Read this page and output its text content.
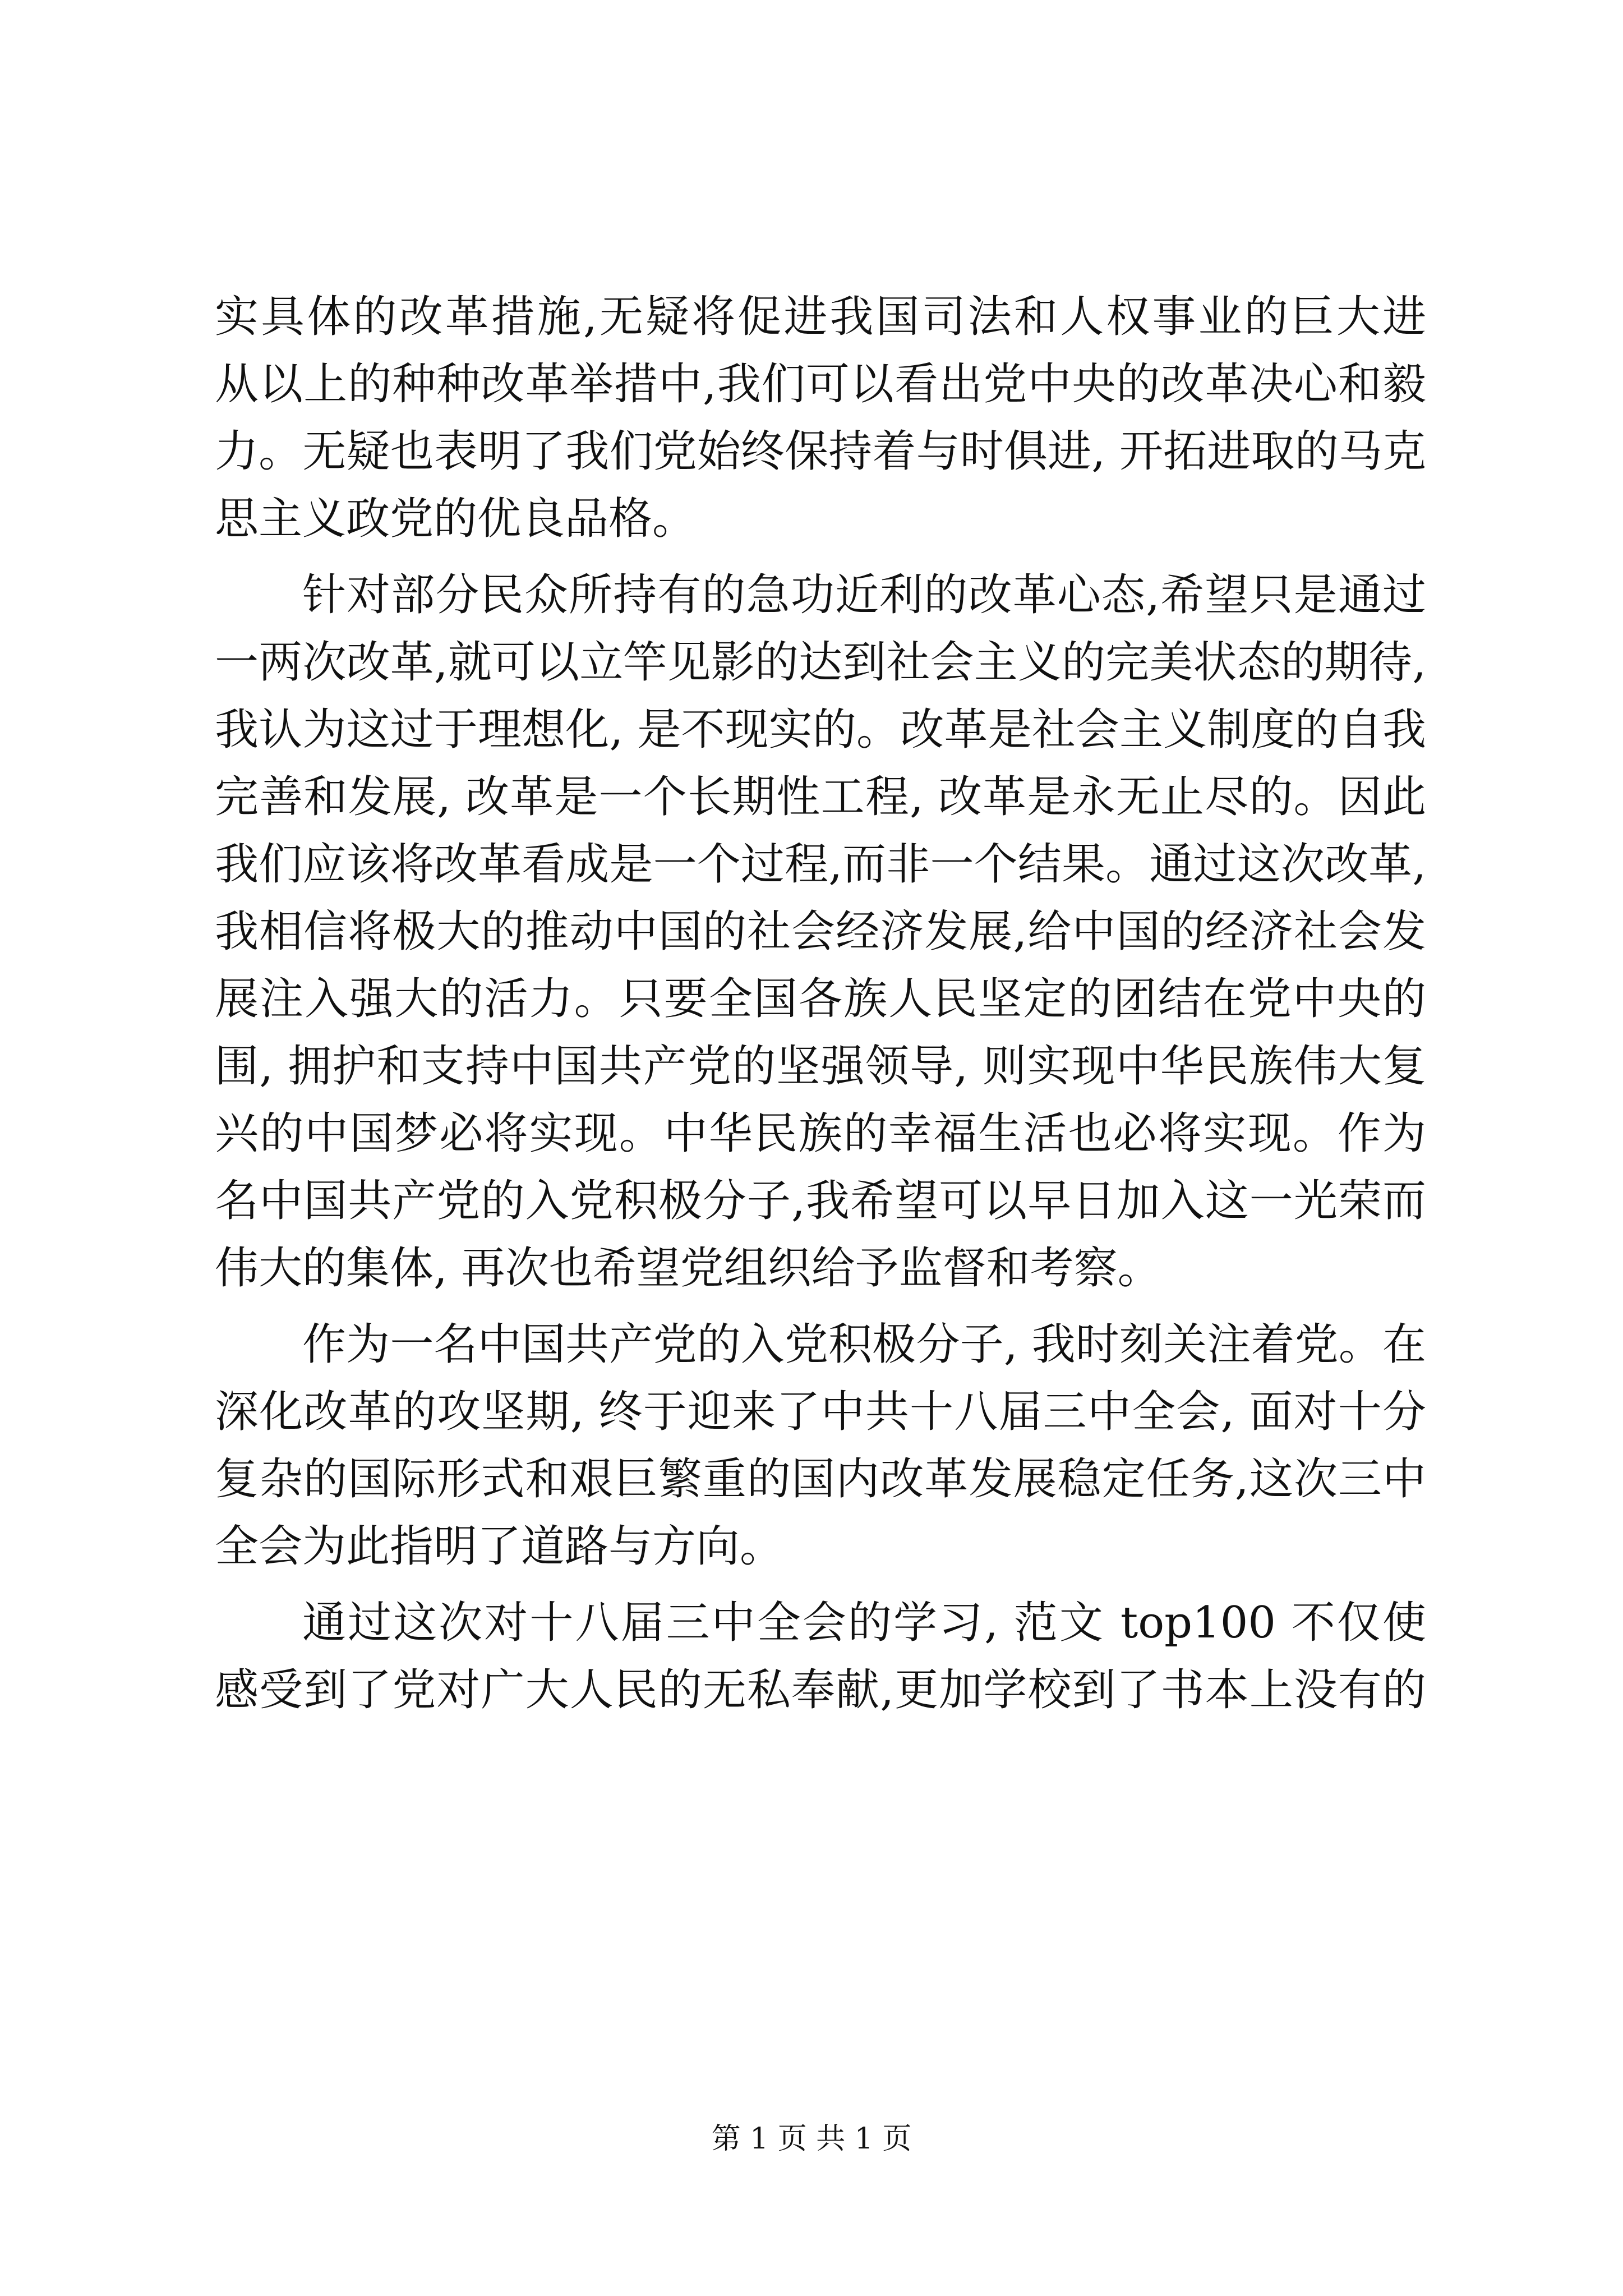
实具体的改革措施,无疑将促进我国司法和人权事业的巨大进
从以上的种种改革举措中,我们可以看出党中央的改革决心和毅
力。无疑也表明了我们党始终保持着与时俱进, 开拓进取的马克
思主义政党的优良品格。
针对部分民众所持有的急功近利的改革心态,希望只是通过
一两次改革,就可以立竿见影的达到社会主义的完美状态的期待,
我认为这过于理想化, 是不现实的。改革是社会主义制度的自我
完善和发展, 改革是一个长期性工程, 改革是永无止尽的。因此
我们应该将改革看成是一个过程,而非一个结果。通过这次改革,
我相信将极大的推动中国的社会经济发展,给中国的经济社会发
展注入强大的活力。只要全国各族人民坚定的团结在党中央的
围, 拥护和支持中国共产党的坚强领导, 则实现中华民族伟大复
兴的中国梦必将实现。中华民族的幸福生活也必将实现。作为
名中国共产党的入党积极分子,我希望可以早日加入这一光荣而
伟大的集体, 再次也希望党组织给予监督和考察。
作为一名中国共产党的入党积极分子, 我时刻关注着党。在
深化改革的攻坚期, 终于迎来了中共十八届三中全会, 面对十分
复杂的国际形式和艰巨繁重的国内改革发展稳定任务,这次三中
全会为此指明了道路与方向。
通过这次对十八届三中全会的学习, 范文 top100 不仅使
感受到了党对广大人民的无私奉献,更加学校到了书本上没有的
第 1 页 共 1 页
